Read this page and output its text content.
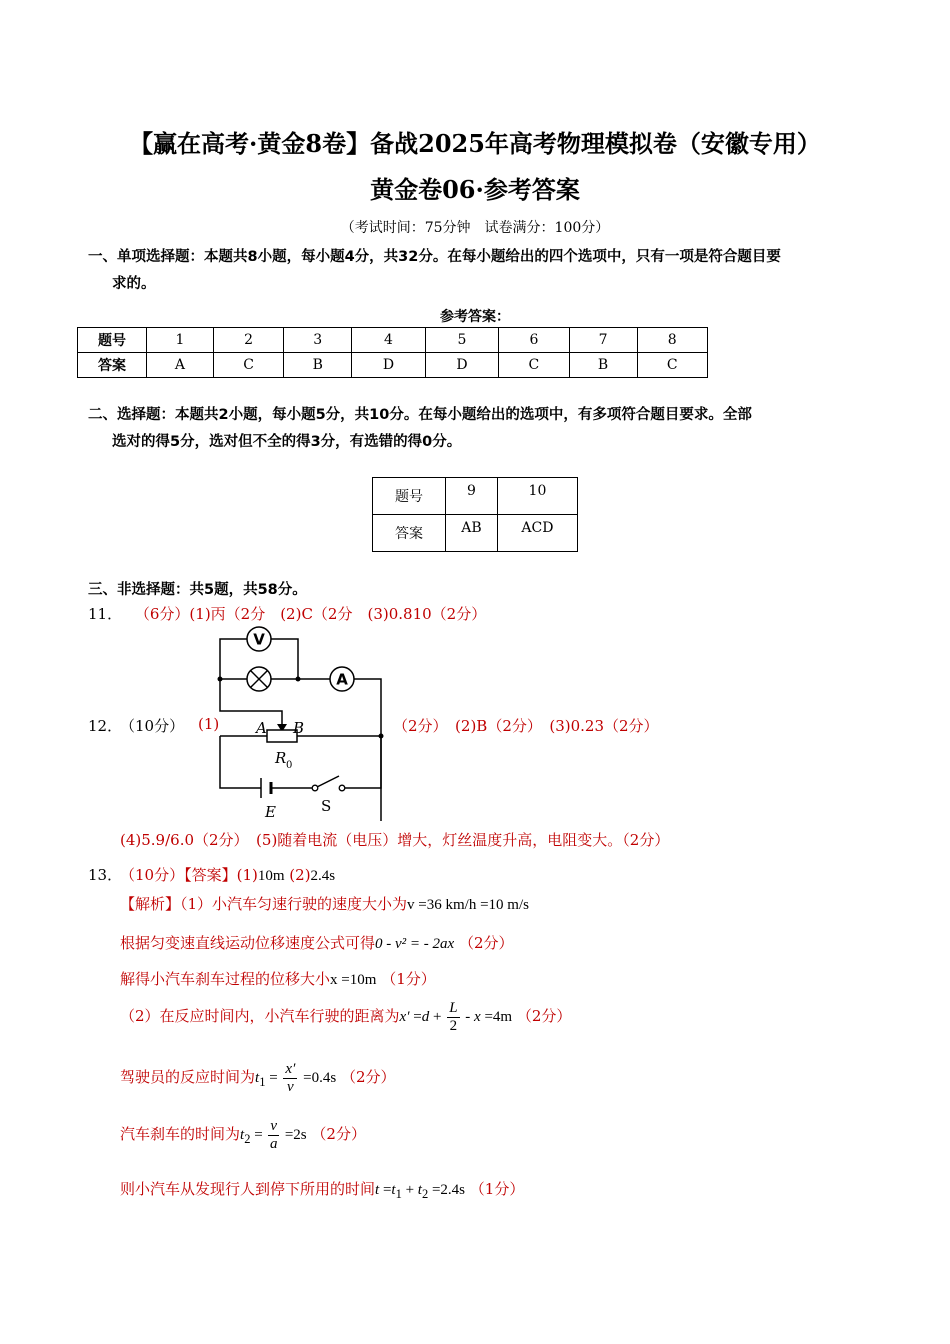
【赢在高考·黄金8卷】备战2025年高考物理模拟卷（安徽专用）
黄金卷06·参考答案
（考试时间：75分钟　试卷满分：100分）
一、单项选择题：本题共8小题，每小题4分，共32分。在每小题给出的四个选项中，只有一项是符合题目要
求的。
参考答案：
题号	1	2	3	4	5	6	7	8
答案	A	C	B	D	D	C	B	C
二、选择题：本题共2小题，每小题5分，共10分。在每小题给出的选项中，有多项符合题目要求。全部
选对的得5分，选对但不全的得3分，有选错的得0分。
题号	9	10
答案	AB	ACD
三、非选择题：共5题，共58分。
11． （6分）(1)丙（2分　(2)C（2分　(3)0.810（2分）
12．
（10分） (1)
V
A
A B
R 0
E	S
（2分）　(2)B（2分）　(3)0.23（2分）
(4)5.9/6.0（2分）　(5)随着电流（电压）增大，灯丝温度升高，电阻变大。（2分）
13．
（10分）【答案】(1)10m (2)2.4s
【解析】（1）小汽车匀速行驶的速度大小为v =36 km/h =10 m/s
根据匀变速直线运动位移速度公式可得0 - v² = - 2ax （2分）
解得小汽车刹车过程的位移大小x =10m （1分）
（2）在反应时间内，小汽车行驶的距离为$x' =d + \frac{L}{2} - x =4m$ （2分）
驾驶员的反应时间为$t_1 = \frac{x'}{v} =0.4s$ （2分）
汽车刹车的时间为$t_2 = \frac{v}{a} =2s$ （2分）
则小汽车从发现行人到停下所用的时间$t =t_1 + t_2 =2.4s$ （1分）
